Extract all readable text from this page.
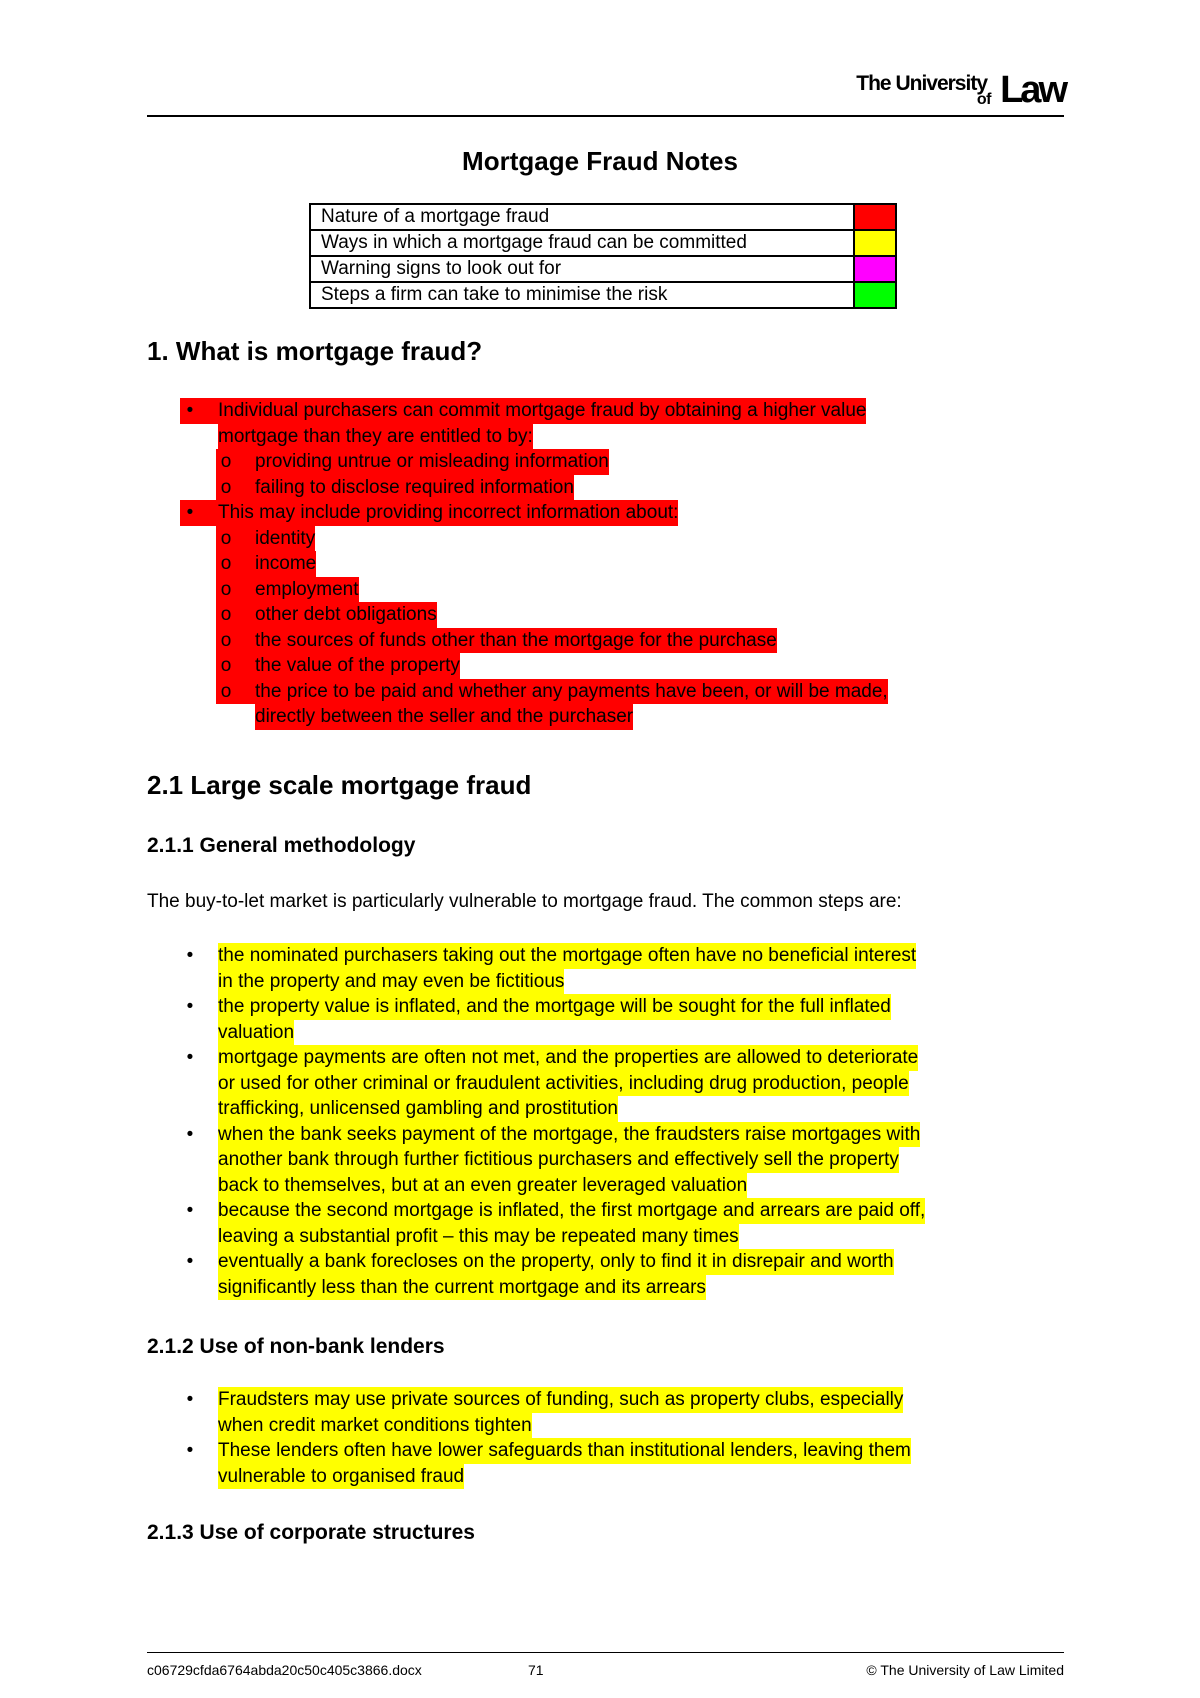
The University
of Law
Mortgage Fraud Notes
Nature of a mortgage fraud	
Ways in which a mortgage fraud can be committed	
Warning signs to look out for	
Steps a firm can take to minimise the risk	
1. What is mortgage fraud?
•	Individual purchasers can commit mortgage fraud by obtaining a higher value
mortgage than they are entitled to by:
o	providing untrue or misleading information
o	failing to disclose required information
•	This may include providing incorrect information about:
o	identity
o	income
o	employment
o	other debt obligations
o	the sources of funds other than the mortgage for the purchase
o	the value of the property
o	the price to be paid and whether any payments have been, or will be made,
directly between the seller and the purchaser
2.1 Large scale mortgage fraud
2.1.1 General methodology

The buy-to-let market is particularly vulnerable to mortgage fraud. The common steps are:

•	the nominated purchasers taking out the mortgage often have no beneficial interest
in the property and may even be fictitious
•	the property value is inflated, and the mortgage will be sought for the full inflated
valuation
•	mortgage payments are often not met, and the properties are allowed to deteriorate
or used for other criminal or fraudulent activities, including drug production, people
trafficking, unlicensed gambling and prostitution
•	when the bank seeks payment of the mortgage, the fraudsters raise mortgages with
another bank through further fictitious purchasers and effectively sell the property
back to themselves, but at an even greater leveraged valuation
•	because the second mortgage is inflated, the first mortgage and arrears are paid off,
leaving a substantial profit – this may be repeated many times
•	eventually a bank forecloses on the property, only to find it in disrepair and worth
significantly less than the current mortgage and its arrears
2.1.2 Use of non-bank lenders
•	Fraudsters may use private sources of funding, such as property clubs, especially
when credit market conditions tighten
•	These lenders often have lower safeguards than institutional lenders, leaving them
vulnerable to organised fraud
2.1.3 Use of corporate structures
c06729cfda6764abda20c50c405c3866.docx	71	© The University of Law Limited
